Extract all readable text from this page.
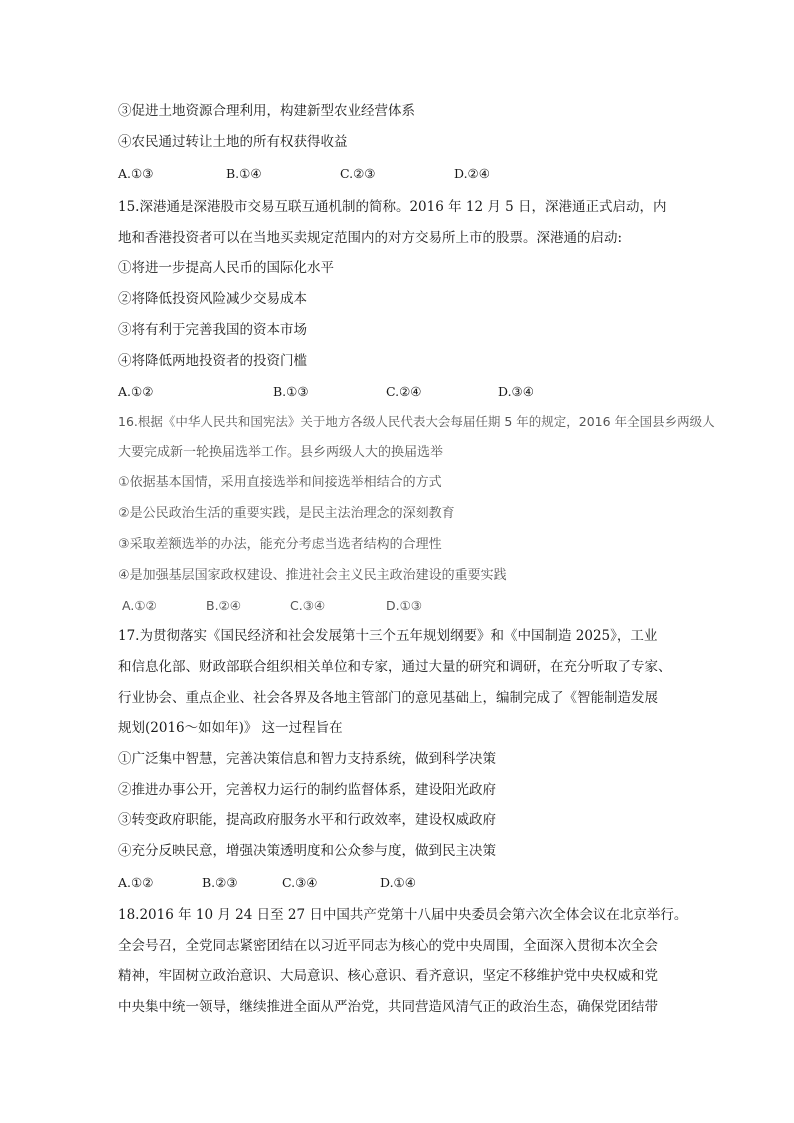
③促进土地资源合理利用，构建新型农业经营体系
④农民通过转让土地的所有权获得收益
A.①③	B.①④	C.②③	D.②④
15.深港通是深港股市交易互联互通机制的简称。2016 年 12 月 5 日，深港通正式启动，内
地和香港投资者可以在当地买卖规定范围内的对方交易所上市的股票。深港通的启动:
①将进一步提高人民币的国际化水平
②将降低投资风险减少交易成本
③将有利于完善我国的资本市场
④将降低两地投资者的投资门槛
A.①②	B.①③	C.②④	D.③④
16.根据《中华人民共和国宪法》关于地方各级人民代表大会每届任期 5 年的规定，2016 年全国县乡两级人
大要完成新一轮换届选举工作。县乡两级人大的换届选举
①依据基本国情，采用直接选举和间接选举相结合的方式
②是公民政治生活的重要实践，是民主法治理念的深刻教育
③采取差额选举的办法，能充分考虑当选者结构的合理性
④是加强基层国家政权建设、推进社会主义民主政治建设的重要实践
A.①②	B.②④	C.③④	D.①③
17.为贯彻落实《国民经济和社会发展第十三个五年规划纲要》和《中国制造 2025》，工业
和信息化部、财政部联合组织相关单位和专家，通过大量的研究和调研，在充分听取了专家、
行业协会、重点企业、社会各界及各地主管部门的意见基础上，编制完成了《智能制造发展
规划(2016～如如年)》 这一过程旨在
①广泛集中智慧，完善决策信息和智力支持系统，做到科学决策
②推进办事公开，完善权力运行的制约监督体系，建设阳光政府
③转变政府职能，提高政府服务水平和行政效率，建设权威政府
④充分反映民意，增强决策透明度和公众参与度，做到民主决策
A.①②	B.②③	C.③④	D.①④
18.2016 年 10 月 24 日至 27 日中国共产党第十八届中央委员会第六次全体会议在北京举行。
全会号召，全党同志紧密团结在以习近平同志为核心的党中央周围，全面深入贯彻本次全会
精神，牢固树立政治意识、大局意识、核心意识、看齐意识，坚定不移维护党中央权威和党
中央集中统一领导，继续推进全面从严治党，共同营造风清气正的政治生态，确保党团结带
